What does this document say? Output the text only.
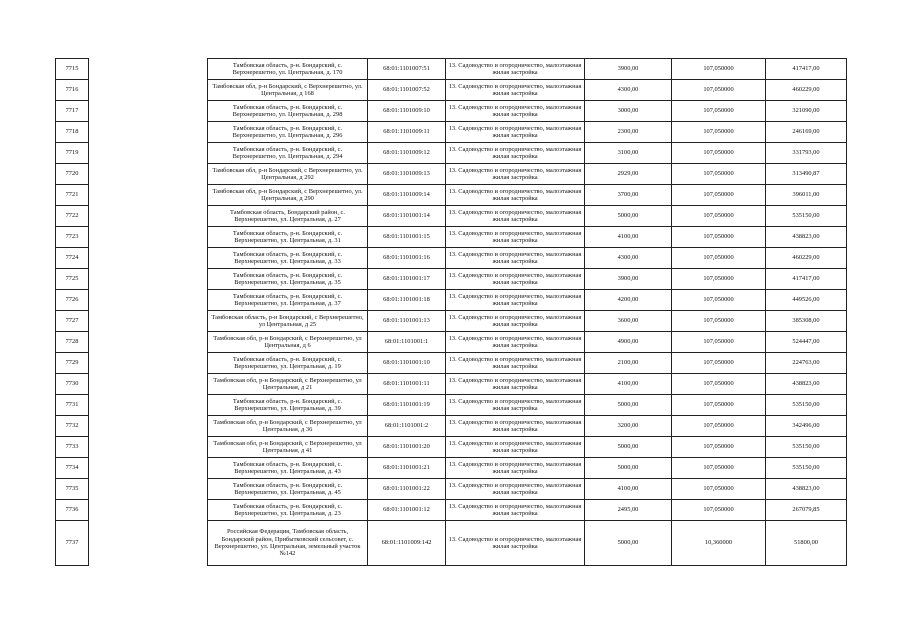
7715		Тамбовская область, р-н. Бондарский, с. Верхнерешетно, ул. Центральная, д. 170	68:01:1101007:51	13. Садоводство и огородничество, малоэтажная жилая застройка	3900,00	107,050000	417417,00
7716		Тамбовская обл, р-н Бондарский, с Верхнерешетно, ул. Центральная, д 168	68:01:1101007:52	13. Садоводство и огородничество, малоэтажная жилая застройка	4300,00	107,050000	460229,00
7717		Тамбовская область, р-н. Бондарский, с. Верхнерешетно, ул. Центральная, д. 298	68:01:1101009:10	13. Садоводство и огородничество, малоэтажная жилая застройка	3000,00	107,050000	321090,00
7718		Тамбовская область, р-н. Бондарский, с. Верхнерешетно, ул. Центральная, д. 296	68:01:1101009:11	13. Садоводство и огородничество, малоэтажная жилая застройка	2300,00	107,050000	246169,00
7719		Тамбовская область, р-н. Бондарский, с. Верхнерешетно, ул. Центральная, д. 294	68:01:1101009:12	13. Садоводство и огородничество, малоэтажная жилая застройка	3100,00	107,050000	331793,00
7720		Тамбовская обл, р-н Бондарский, с Верхнерешетно, ул. Центральная, д 292	68:01:1101009:13	13. Садоводство и огородничество, малоэтажная жилая застройка	2929,00	107,050000	313490,87
7721		Тамбовская обл, р-н Бондарский, с Верхнерешетно, ул. Центральная, д 290	68:01:1101009:14	13. Садоводство и огородничество, малоэтажная жилая застройка	3700,00	107,050000	396011,00
7722		Тамбовская область, Бондарский район, с. Верхнерешетно, ул. Центральная, д. 27	68:01:1101001:14	13. Садоводство и огородничество, малоэтажная жилая застройка	5000,00	107,050000	535150,00
7723		Тамбовская область, р-н. Бондарский, с. Верхнерешетно, ул. Центральная, д. 31	68:01:1101001:15	13. Садоводство и огородничество, малоэтажная жилая застройка	4100,00	107,050000	438823,00
7724		Тамбовская область, р-н. Бондарский, с. Верхнерешетно, ул. Центральная, д. 33	68:01:1101001:16	13. Садоводство и огородничество, малоэтажная жилая застройка	4300,00	107,050000	460229,00
7725		Тамбовская область, р-н. Бондарский, с. Верхнерешетно, ул. Центральная, д. 35	68:01:1101001:17	13. Садоводство и огородничество, малоэтажная жилая застройка	3900,00	107,050000	417417,00
7726		Тамбовская область, р-н. Бондарский, с. Верхнерешетно, ул. Центральная, д. 37	68:01:1101001:18	13. Садоводство и огородничество, малоэтажная жилая застройка	4200,00	107,050000	449526,00
7727		Тамбовская область, р-н Бондарский, с Верхнерешетно, ул Центральная, д 25	68:01:1101001:13	13. Садоводство и огородничество, малоэтажная жилая застройка	3600,00	107,050000	385308,00
7728		Тамбовская обл, р-н Бондарский, с Верхнерешетно, ул Центральная, д 6	68:01:1101001:1	13. Садоводство и огородничество, малоэтажная жилая застройка	4900,00	107,050000	524447,00
7729		Тамбовская область, р-н. Бондарский, с. Верхнерешетно, ул. Центральная, д. 19	68:01:1101001:10	13. Садоводство и огородничество, малоэтажная жилая застройка	2100,00	107,050000	224763,00
7730		Тамбовская обл, р-н Бондарский, с Верхнерешетно, ул Центральная, д 21	68:01:1101001:11	13. Садоводство и огородничество, малоэтажная жилая застройка	4100,00	107,050000	438823,00
7731		Тамбовская область, р-н. Бондарский, с. Верхнерешетно, ул. Центральная, д. 39	68:01:1101001:19	13. Садоводство и огородничество, малоэтажная жилая застройка	5000,00	107,050000	535150,00
7732		Тамбовская обл, р-н Бондарский, с Верхнерешетно, ул Центральная, д 36	68:01:1101001:2	13. Садоводство и огородничество, малоэтажная жилая застройка	3200,00	107,050000	342496,00
7733		Тамбовская обл, р-н Бондарский, с Верхнерешетно, ул Центральная, д 41	68:01:1101001:20	13. Садоводство и огородничество, малоэтажная жилая застройка	5000,00	107,050000	535150,00
7734		Тамбовская область, р-н. Бондарский, с. Верхнерешетно, ул. Центральная, д. 43	68:01:1101001:21	13. Садоводство и огородничество, малоэтажная жилая застройка	5000,00	107,050000	535150,00
7735		Тамбовская область, р-н. Бондарский, с. Верхнерешетно, ул. Центральная, д. 45	68:01:1101001:22	13. Садоводство и огородничество, малоэтажная жилая застройка	4100,00	107,050000	438823,00
7736		Тамбовская область, р-н. Бондарский, с. Верхнерешетно, ул. Центральная, д. 23	68:01:1101001:12	13. Садоводство и огородничество, малоэтажная жилая застройка	2495,00	107,050000	267079,85
7737		Российская Федерация, Тамбовская область, Бондарский район, Прибытковский сельсовет, с. Верхнерешетно, ул. Центральная, земельный участок №142	68:01:1101009:142	13. Садоводство и огородничество, малоэтажная жилая застройка	5000,00	10,360000	51800,00
